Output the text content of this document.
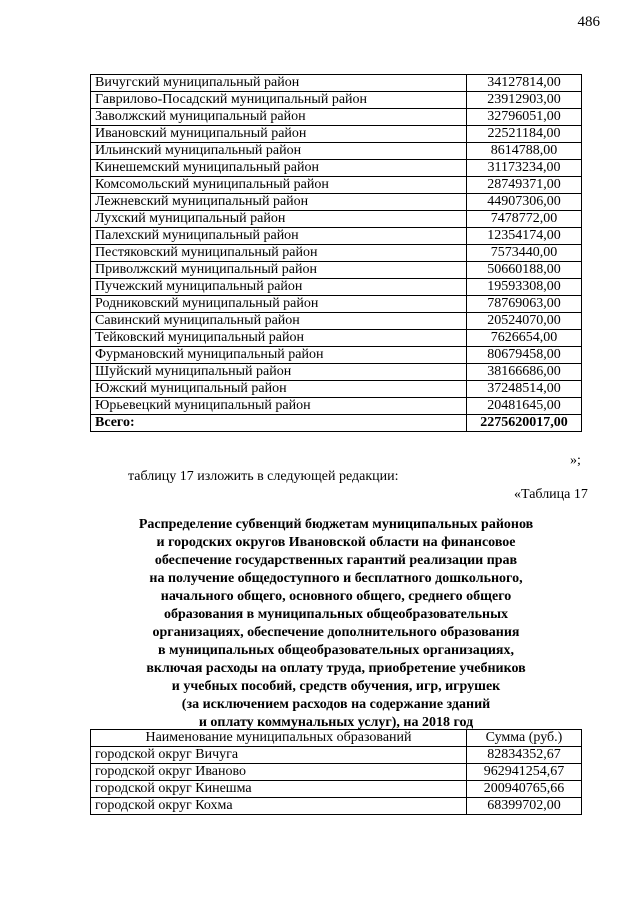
486
Вичугский муниципальный район	34127814,00
Гаврилово-Посадский муниципальный район	23912903,00
Заволжский муниципальный район	32796051,00
Ивановский муниципальный район	22521184,00
Ильинский муниципальный район	8614788,00
Кинешемский муниципальный район	31173234,00
Комсомольский муниципальный район	28749371,00
Лежневский муниципальный район	44907306,00
Лухский муниципальный район	7478772,00
Палехский муниципальный район	12354174,00
Пестяковский муниципальный район	7573440,00
Приволжский муниципальный район	50660188,00
Пучежский муниципальный район	19593308,00
Родниковский муниципальный район	78769063,00
Савинский муниципальный район	20524070,00
Тейковский муниципальный район	7626654,00
Фурмановский муниципальный район	80679458,00
Шуйский муниципальный район	38166686,00
Южский муниципальный район	37248514,00
Юрьевецкий муниципальный район	20481645,00
Всего:	2275620017,00
»;
таблицу 17 изложить в следующей редакции:
«Таблица 17
Распределение субвенций бюджетам муниципальных районов
и городских округов Ивановской области на финансовое
обеспечение государственных гарантий реализации прав
на получение общедоступного и бесплатного дошкольного,
начального общего, основного общего, среднего общего
образования в муниципальных общеобразовательных
организациях, обеспечение дополнительного образования
в муниципальных общеобразовательных организациях,
включая расходы на оплату труда, приобретение учебников
и учебных пособий, средств обучения, игр, игрушек
(за исключением расходов на содержание зданий
и оплату коммунальных услуг), на 2018 год
Наименование муниципальных образований	Сумма (руб.)
городской округ Вичуга	82834352,67
городской округ Иваново	962941254,67
городской округ Кинешма	200940765,66
городской округ Кохма	68399702,00
